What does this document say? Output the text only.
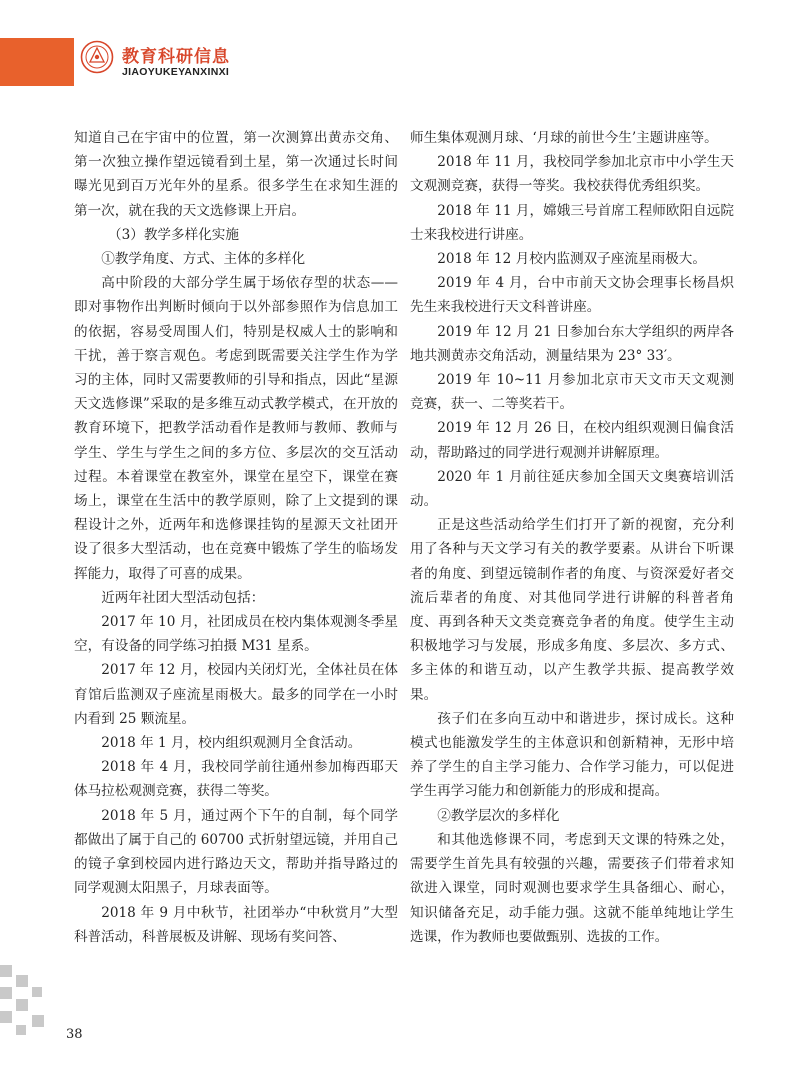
教育科研信息
JIAOYUKEYANXINXI

知道自己在宇宙中的位置，第一次测算出黄赤交角、第一次独立操作望远镜看到土星，第一次通过长时间曝光见到百万光年外的星系。很多学生在求知生涯的第一次，就在我的天文选修课上开启。

（3）教学多样化实施

①教学角度、方式、主体的多样化

高中阶段的大部分学生属于场依存型的状态——即对事物作出判断时倾向于以外部参照作为信息加工的依据，容易受周围人们，特别是权威人士的影响和干扰，善于察言观色。考虑到既需要关注学生作为学习的主体，同时又需要教师的引导和指点，因此“星源天文选修课”采取的是多维互动式教学模式，在开放的教育环境下，把教学活动看作是教师与教师、教师与学生、学生与学生之间的多方位、多层次的交互活动过程。本着课堂在教室外，课堂在星空下，课堂在赛场上，课堂在生活中的教学原则，除了上文提到的课程设计之外，近两年和选修课挂钩的星源天文社团开设了很多大型活动，也在竞赛中锻炼了学生的临场发挥能力，取得了可喜的成果。

近两年社团大型活动包括：

2017 年 10 月，社团成员在校内集体观测冬季星空，有设备的同学练习拍摄 M31 星系。

2017 年 12 月，校园内关闭灯光，全体社员在体育馆后监测双子座流星雨极大。最多的同学在一小时内看到 25 颗流星。

2018 年 1 月，校内组织观测月全食活动。

2018 年 4 月，我校同学前往通州参加梅西耶天体马拉松观测竞赛，获得二等奖。

2018 年 5 月，通过两个下午的自制，每个同学都做出了属于自己的 60700 式折射望远镜，并用自己的镜子拿到校园内进行路边天文，帮助并指导路过的同学观测太阳黑子，月球表面等。

2018 年 9 月中秋节，社团举办“中秋赏月”大型科普活动，科普展板及讲解、现场有奖问答、

师生集体观测月球、‘月球的前世今生’主题讲座等。

2018 年 11 月，我校同学参加北京市中小学生天文观测竞赛，获得一等奖。我校获得优秀组织奖。

2018 年 11 月，嫦娥三号首席工程师欧阳自远院士来我校进行讲座。

2018 年 12 月校内监测双子座流星雨极大。

2019 年 4 月，台中市前天文协会理事长杨昌炽先生来我校进行天文科普讲座。

2019 年 12 月 21 日参加台东大学组织的两岸各地共测黄赤交角活动，测量结果为 23° 33′。

2019 年 10~11 月参加北京市天文市天文观测竞赛，获一、二等奖若干。

2019 年 12 月 26 日，在校内组织观测日偏食活动，帮助路过的同学进行观测并讲解原理。

2020 年 1 月前往延庆参加全国天文奥赛培训活动。

正是这些活动给学生们打开了新的视窗，充分利用了各种与天文学习有关的教学要素。从讲台下听课者的角度、到望远镜制作者的角度、与资深爱好者交流后辈者的角度、对其他同学进行讲解的科普者角度、再到各种天文类竞赛竞争者的角度。使学生主动积极地学习与发展，形成多角度、多层次、多方式、多主体的和谐互动，以产生教学共振、提高教学效果。

孩子们在多向互动中和谐进步，探讨成长。这种模式也能激发学生的主体意识和创新精神，无形中培养了学生的自主学习能力、合作学习能力，可以促进学生再学习能力和创新能力的形成和提高。

②教学层次的多样化

和其他选修课不同，考虑到天文课的特殊之处，需要学生首先具有较强的兴趣，需要孩子们带着求知欲进入课堂，同时观测也要求学生具备细心、耐心，知识储备充足，动手能力强。这就不能单纯地让学生选课，作为教师也要做甄别、选拔的工作。

38
